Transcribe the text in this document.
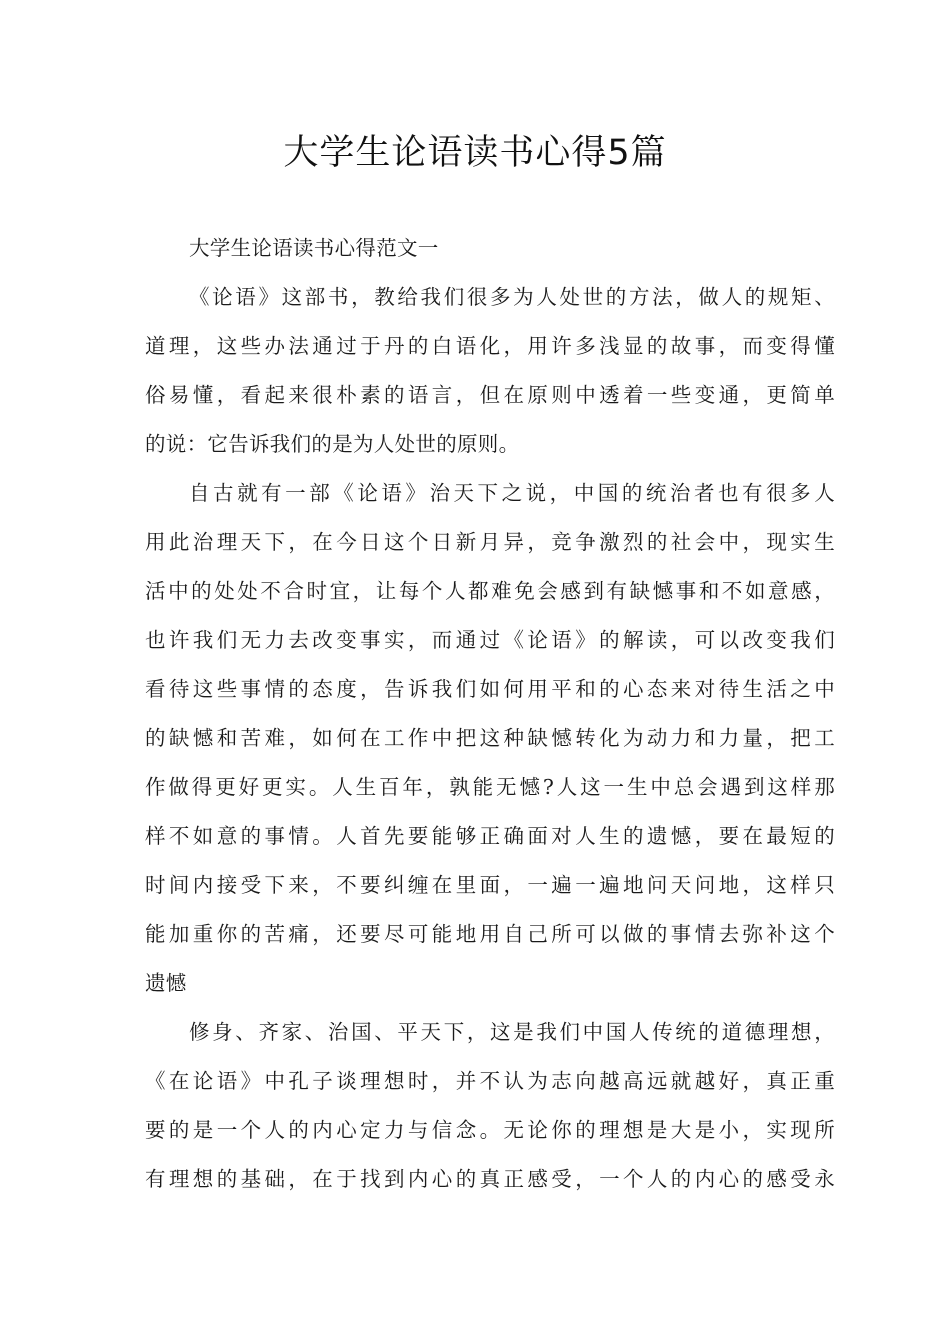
大学生论语读书心得5篇
大学生论语读书心得范文一
《论语》这部书，教给我们很多为人处世的方法，做人的规矩、
道理，这些办法通过于丹的白语化，用许多浅显的故事，而变得懂
俗易懂，看起来很朴素的语言，但在原则中透着一些变通，更简单
的说：它告诉我们的是为人处世的原则。
自古就有一部《论语》治天下之说，中国的统治者也有很多人
用此治理天下，在今日这个日新月异，竞争激烈的社会中，现实生
活中的处处不合时宜，让每个人都难免会感到有缺憾事和不如意感，
也许我们无力去改变事实，而通过《论语》的解读，可以改变我们
看待这些事情的态度，告诉我们如何用平和的心态来对待生活之中
的缺憾和苦难，如何在工作中把这种缺憾转化为动力和力量，把工
作做得更好更实。人生百年，孰能无憾?人这一生中总会遇到这样那
样不如意的事情。人首先要能够正确面对人生的遗憾，要在最短的
时间内接受下来，不要纠缠在里面，一遍一遍地问天问地，这样只
能加重你的苦痛，还要尽可能地用自己所可以做的事情去弥补这个
遗憾
修身、齐家、治国、平天下，这是我们中国人传统的道德理想，
《在论语》中孔子谈理想时，并不认为志向越高远就越好，真正重
要的是一个人的内心定力与信念。无论你的理想是大是小，实现所
有理想的基础，在于找到内心的真正感受，一个人的内心的感受永
